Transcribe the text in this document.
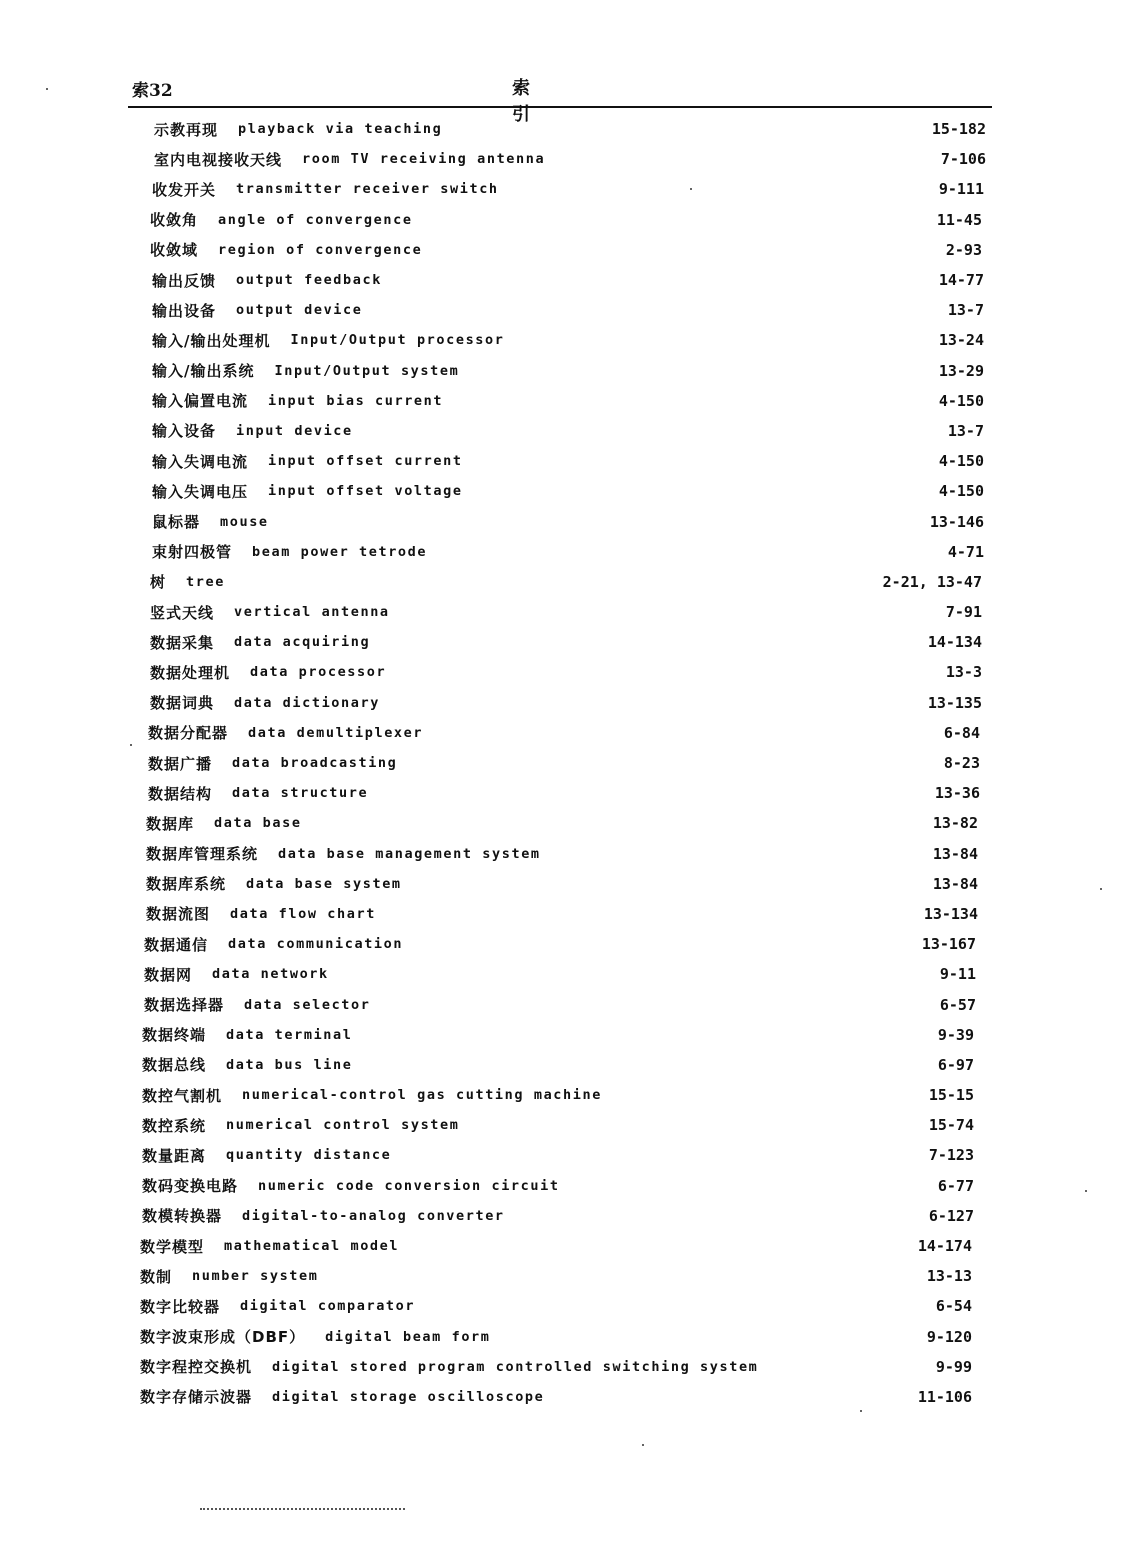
索32	索 引
示教再现 playback via teaching	15-182
室内电视接收天线 room TV receiving antenna	7-106
收发开关 transmitter receiver switch	9-111
收敛角 angle of convergence	11-45
收敛域 region of convergence	2-93
输出反馈 output feedback	14-77
输出设备 output device	13-7
输入/输出处理机 Input/Output processor	13-24
输入/输出系统 Input/Output system	13-29
输入偏置电流 input bias current	4-150
输入设备 input device	13-7
输入失调电流 input offset current	4-150
输入失调电压 input offset voltage	4-150
鼠标器 mouse	13-146
束射四极管 beam power tetrode	4-71
树 tree	2-21, 13-47
竖式天线 vertical antenna	7-91
数据采集 data acquiring	14-134
数据处理机 data processor	13-3
数据词典 data dictionary	13-135
数据分配器 data demultiplexer	6-84
数据广播 data broadcasting	8-23
数据结构 data structure	13-36
数据库 data base	13-82
数据库管理系统 data base management system	13-84
数据库系统 data base system	13-84
数据流图 data flow chart	13-134
数据通信 data communication	13-167
数据网 data network	9-11
数据选择器 data selector	6-57
数据终端 data terminal	9-39
数据总线 data bus line	6-97
数控气割机 numerical-control gas cutting machine	15-15
数控系统 numerical control system	15-74
数量距离 quantity distance	7-123
数码变换电路 numeric code conversion circuit	6-77
数模转换器 digital-to-analog converter	6-127
数学模型 mathematical model	14-174
数制 number system	13-13
数字比较器 digital comparator	6-54
数字波束形成（DBF） digital beam form	9-120
数字程控交换机 digital stored program controlled switching system	9-99
数字存储示波器 digital storage oscilloscope	11-106
